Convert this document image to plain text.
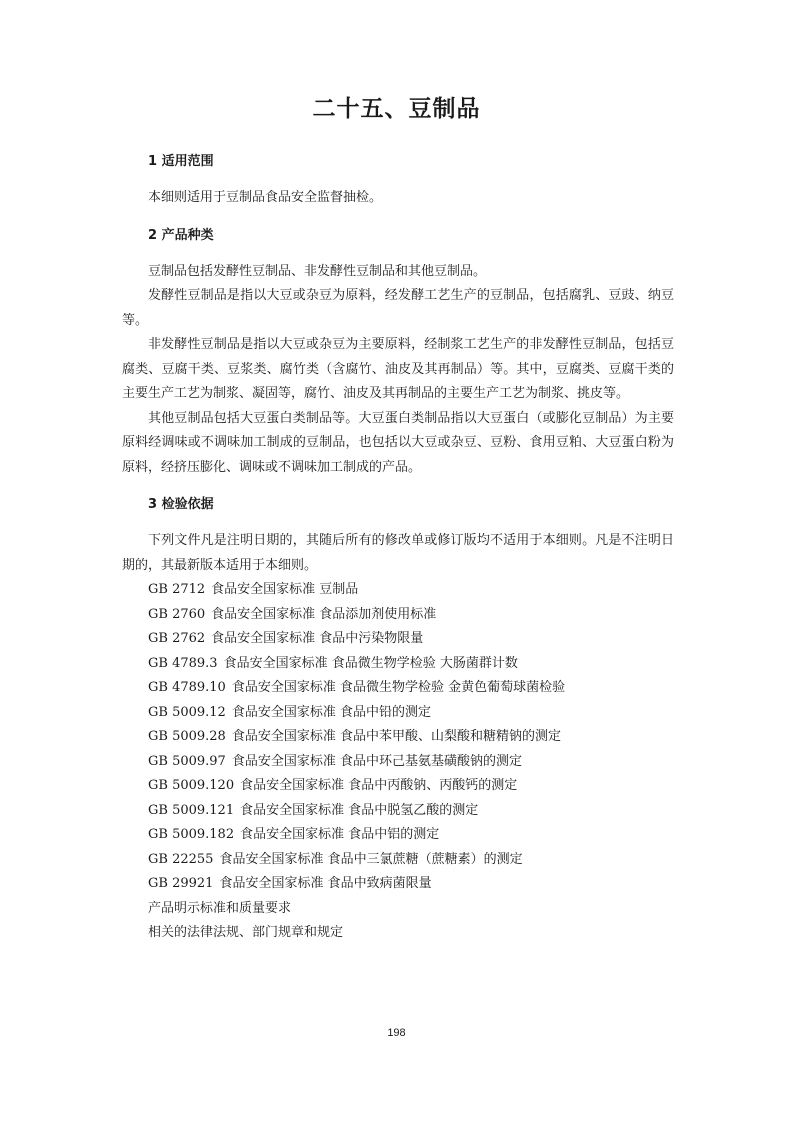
二十五、豆制品
1 适用范围

本细则适用于豆制品食品安全监督抽检。

2 产品种类

豆制品包括发酵性豆制品、非发酵性豆制品和其他豆制品。

发酵性豆制品是指以大豆或杂豆为原料，经发酵工艺生产的豆制品，包括腐乳、豆豉、纳豆等。

非发酵性豆制品是指以大豆或杂豆为主要原料，经制浆工艺生产的非发酵性豆制品，包括豆腐类、豆腐干类、豆浆类、腐竹类（含腐竹、油皮及其再制品）等。其中，豆腐类、豆腐干类的主要生产工艺为制浆、凝固等，腐竹、油皮及其再制品的主要生产工艺为制浆、挑皮等。

其他豆制品包括大豆蛋白类制品等。大豆蛋白类制品指以大豆蛋白（或膨化豆制品）为主要原料经调味或不调味加工制成的豆制品，也包括以大豆或杂豆、豆粉、食用豆粕、大豆蛋白粉为原料，经挤压膨化、调味或不调味加工制成的产品。

3 检验依据

下列文件凡是注明日期的，其随后所有的修改单或修订版均不适用于本细则。凡是不注明日期的，其最新版本适用于本细则。

GB 2712 食品安全国家标准 豆制品
GB 2760 食品安全国家标准 食品添加剂使用标准
GB 2762 食品安全国家标准 食品中污染物限量
GB 4789.3 食品安全国家标准 食品微生物学检验 大肠菌群计数
GB 4789.10 食品安全国家标准 食品微生物学检验 金黄色葡萄球菌检验
GB 5009.12 食品安全国家标准 食品中铅的测定
GB 5009.28 食品安全国家标准 食品中苯甲酸、山梨酸和糖精钠的测定
GB 5009.97 食品安全国家标准 食品中环己基氨基磺酸钠的测定
GB 5009.120 食品安全国家标准 食品中丙酸钠、丙酸钙的测定
GB 5009.121 食品安全国家标准 食品中脱氢乙酸的测定
GB 5009.182 食品安全国家标准 食品中铝的测定
GB 22255 食品安全国家标准 食品中三氯蔗糖（蔗糖素）的测定
GB 29921 食品安全国家标准 食品中致病菌限量
产品明示标准和质量要求
相关的法律法规、部门规章和规定
198
